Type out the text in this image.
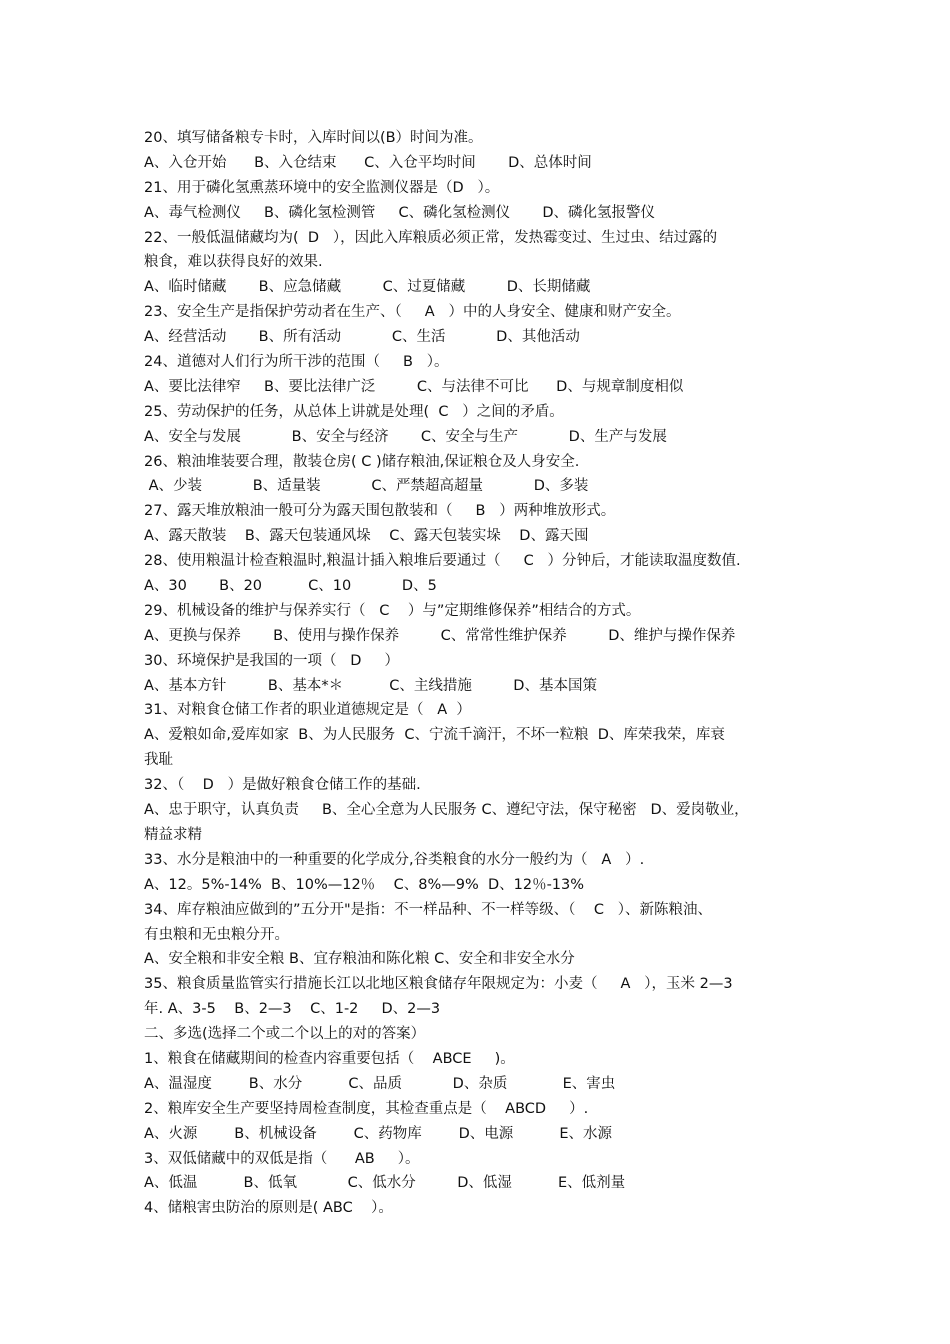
20、填写储备粮专卡时，入库时间以(B）时间为准。
A、入仓开始      B、入仓结束      C、入仓平均时间       D、总体时间
21、用于磷化氢熏蒸环境中的安全监测仪器是（D   ）。
A、毒气检测仪     B、磷化氢检测管     C、磷化氢检测仪       D、磷化氢报警仪
22、一般低温储藏均为(  D   ），因此入库粮质必须正常，发热霉变过、生过虫、结过露的
粮食，难以获得良好的效果.
A、临时储藏       B、应急储藏         C、过夏储藏         D、长期储藏
23、安全生产是指保护劳动者在生产、（     A   ）中的人身安全、健康和财产安全。
A、经营活动       B、所有活动           C、生活           D、其他活动
24、道德对人们行为所干涉的范围（     B   ）。
A、要比法律窄     B、要比法律广泛         C、与法律不可比      D、与规章制度相似
25、劳动保护的任务，从总体上讲就是处理(  C   ）之间的矛盾。
A、安全与发展           B、安全与经济       C、安全与生产           D、生产与发展
26、粮油堆装要合理，散装仓房( C )储存粮油,保证粮仓及人身安全.
A、少装           B、适量装           C、严禁超高超量           D、多装
27、露天堆放粮油一般可分为露天围包散装和（     B   ）两种堆放形式。
A、露天散装    B、露天包装通风垛    C、露天包装实垛    D、露天囤
28、使用粮温计检查粮温时,粮温计插入粮堆后要通过（     C   ）分钟后，才能读取温度数值.
A、30       B、20          C、10           D、5
29、机械设备的维护与保养实行（   C    ）与”定期维修保养”相结合的方式。
A、更换与保养       B、使用与操作保养         C、常常性维护保养         D、维护与操作保养
30、环境保护是我国的一项（   D     ）
A、基本方针         B、基本*＊          C、主线措施         D、基本国策
31、对粮食仓储工作者的职业道德规定是（   A  ）
A、爱粮如命,爱库如家  B、为人民服务  C、宁流千滴汗，不坏一粒粮  D、库荣我荣，库衰
我耻
32、（    D   ）是做好粮食仓储工作的基础.
A、忠于职守，认真负责     B、全心全意为人民服务 C、遵纪守法，保守秘密   D、爱岗敬业，
精益求精
33、水分是粮油中的一种重要的化学成分,谷类粮食的水分一般约为（   A   ）.
A、12。5%-14%  B、10%—12％    C、8%—9%  D、12％-13%
34、库存粮油应做到的”五分开"是指：不一样品种、不一样等级、（    C   ）、新陈粮油、
有虫粮和无虫粮分开。
A、安全粮和非安全粮 B、宜存粮油和陈化粮 C、安全和非安全水分
35、粮食质量监管实行措施长江以北地区粮食储存年限规定为：小麦（     A   ），玉米 2—3
年. A、3-5    B、2—3    C、1-2     D、2—3
二、多选(选择二个或二个以上的对的答案）
1、粮食在储藏期间的检查内容重要包括（    ABCE     )。
A、温湿度        B、水分          C、品质           D、杂质            E、害虫
2、粮库安全生产要坚持周检查制度，其检查重点是（    ABCD     ）.
A、火源        B、机械设备        C、药物库        D、电源          E、水源
3、双低储藏中的双低是指（      AB     ）。
A、低温          B、低氧           C、低水分         D、低湿          E、低剂量
4、储粮害虫防治的原则是( ABC    ）。
